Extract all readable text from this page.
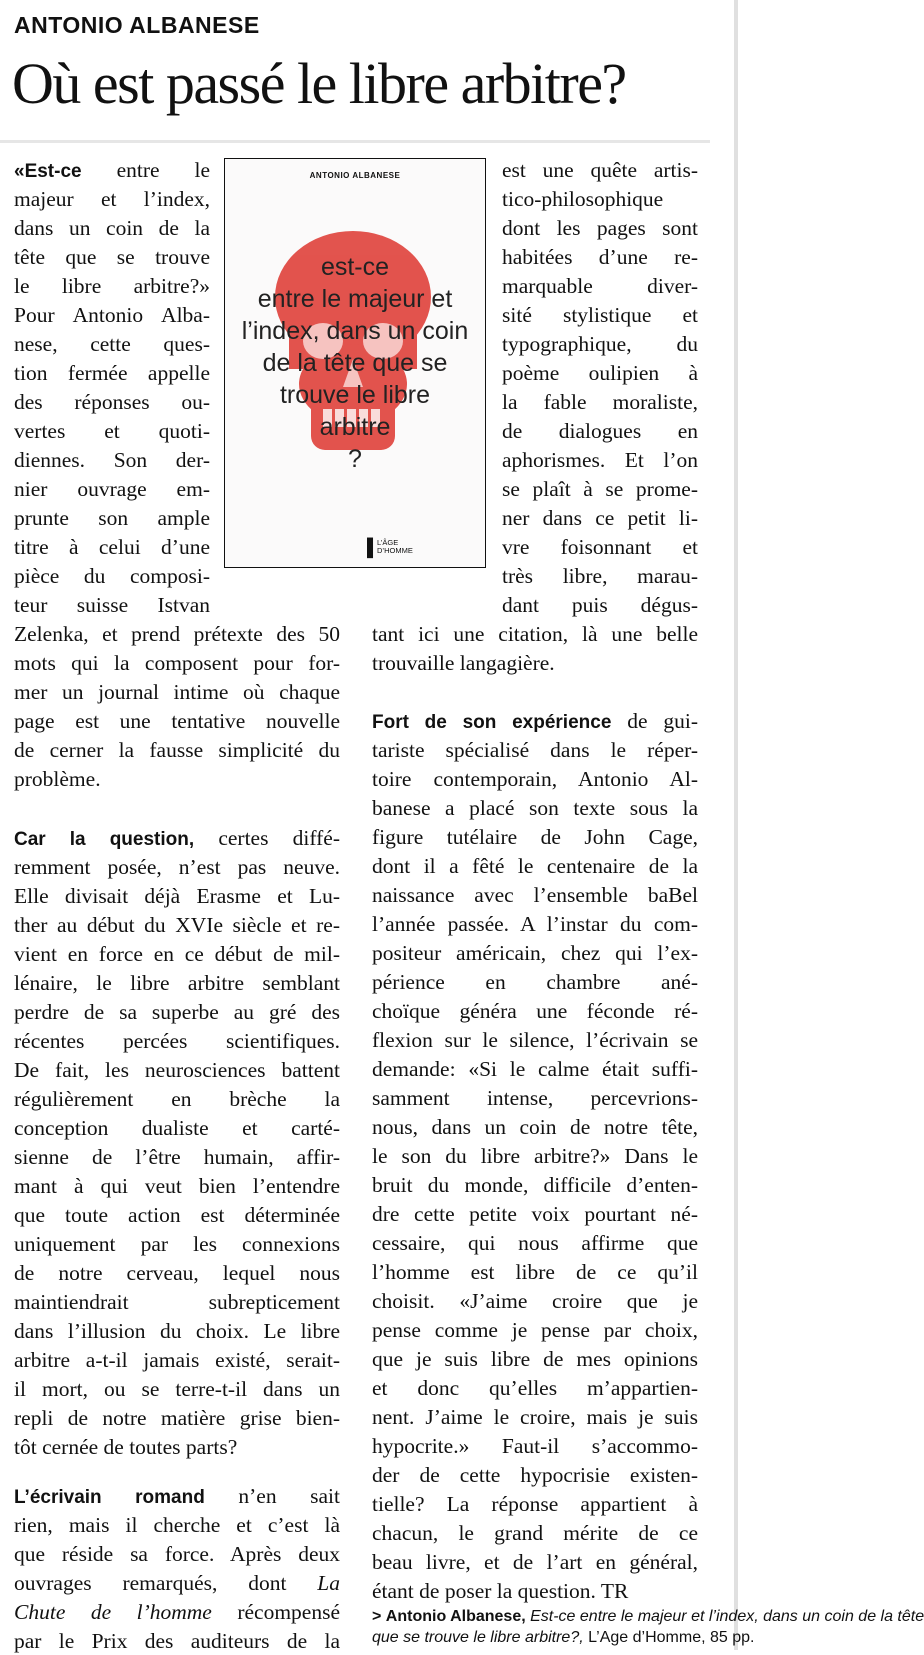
ANTONIO ALBANESE
Où est passé le libre arbitre?
ANTONIO ALBANESE
est-ce
entre le majeur et
l’index, dans un coin
de la tête que se
trouve le libre
arbitre
?
▌
L’ÂGE
D’HOMME
«Est-ce entre le
majeur et l’index,
dans un coin de la
tête que se trouve
le libre arbitre?»
Pour Antonio Alba-
nese, cette ques-
tion fermée appelle
des réponses ou-
vertes et quoti-
diennes. Son der-
nier ouvrage em-
prunte son ample
titre à celui d’une
pièce du composi-
teur suisse Istvan
Zelenka, et prend prétexte des 50
mots qui la composent pour for-
mer un journal intime où chaque
page est une tentative nouvelle
de cerner la fausse simplicité du
problème.
Car la question, certes diffé-
remment posée, n’est pas neuve.
Elle divisait déjà Erasme et Lu-
ther au début du XVIe siècle et re-
vient en force en ce début de mil-
lénaire, le libre arbitre semblant
perdre de sa superbe au gré des
récentes percées scientifiques.
De fait, les neurosciences battent
régulièrement en brèche la
conception dualiste et carté-
sienne de l’être humain, affir-
mant à qui veut bien l’entendre
que toute action est déterminée
uniquement par les connexions
de notre cerveau, lequel nous
maintiendrait subrepticement
dans l’illusion du choix. Le libre
arbitre a-t-il jamais existé, serait-
il mort, ou se terre-t-il dans un
repli de notre matière grise bien-
tôt cernée de toutes parts?
L’écrivain romand n’en sait
rien, mais il cherche et c’est là
que réside sa force. Après deux
ouvrages remarqués, dont La
Chute de l’homme récompensé
par le Prix des auditeurs de la
est une quête artis-
tico-philosophique
dont les pages sont
habitées d’une re-
marquable diver-
sité stylistique et
typographique, du
poème oulipien à
la fable moraliste,
de dialogues en
aphorismes. Et l’on
se plaît à se prome-
ner dans ce petit li-
vre foisonnant et
très libre, marau-
dant puis dégus-
tant ici une citation, là une belle
trouvaille langagière.
Fort de son expérience de gui-
tariste spécialisé dans le réper-
toire contemporain, Antonio Al-
banese a placé son texte sous la
figure tutélaire de John Cage,
dont il a fêté le centenaire de la
naissance avec l’ensemble baBel
l’année passée. A l’instar du com-
positeur américain, chez qui l’ex-
périence en chambre ané-
choïque généra une féconde ré-
flexion sur le silence, l’écrivain se
demande: «Si le calme était suffi-
samment intense, percevrions-
nous, dans un coin de notre tête,
le son du libre arbitre?» Dans le
bruit du monde, difficile d’enten-
dre cette petite voix pourtant né-
cessaire, qui nous affirme que
l’homme est libre de ce qu’il
choisit. «J’aime croire que je
pense comme je pense par choix,
que je suis libre de mes opinions
et donc qu’elles m’appartien-
nent. J’aime le croire, mais je suis
hypocrite.» Faut-il s’accommo-
der de cette hypocrisie existen-
tielle? La réponse appartient à
chacun, le grand mérite de ce
beau livre, et de l’art en général,
étant de poser la question. TR
> Antonio Albanese, Est-ce entre le majeur et l’index, dans un coin de la tête
que se trouve le libre arbitre?, L’Age d’Homme, 85 pp.
